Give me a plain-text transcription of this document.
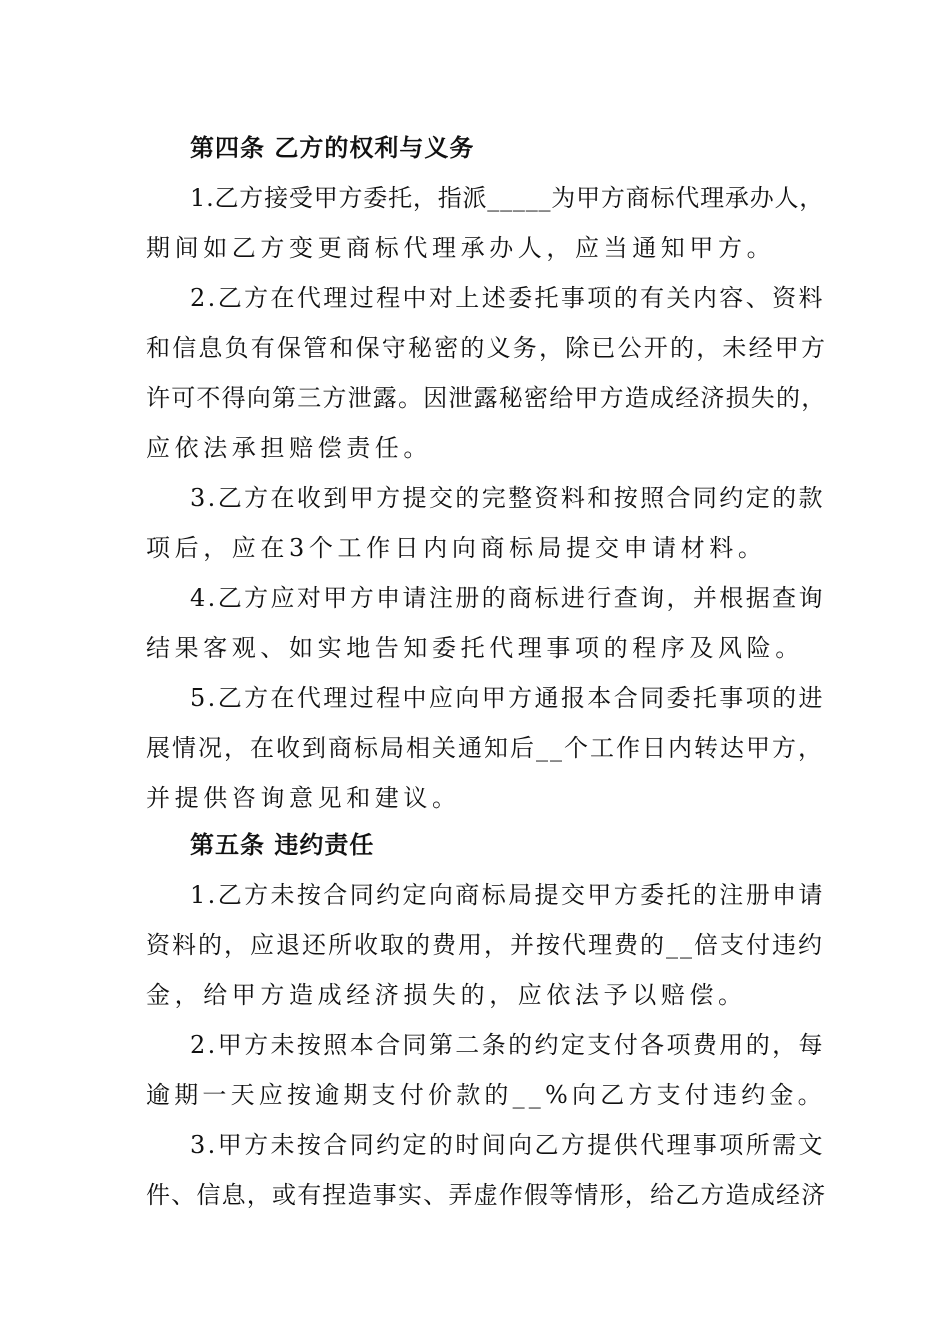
第四条 乙方的权利与义务
1.乙方接受甲方委托，指派_____为甲方商标代理承办人，
期间如乙方变更商标代理承办人，应当通知甲方。
2.乙方在代理过程中对上述委托事项的有关内容、资料
和信息负有保管和保守秘密的义务，除已公开的，未经甲方
许可不得向第三方泄露。因泄露秘密给甲方造成经济损失的，
应依法承担赔偿责任。
3.乙方在收到甲方提交的完整资料和按照合同约定的款
项后，应在3个工作日内向商标局提交申请材料。
4.乙方应对甲方申请注册的商标进行查询，并根据查询
结果客观、如实地告知委托代理事项的程序及风险。
5.乙方在代理过程中应向甲方通报本合同委托事项的进
展情况，在收到商标局相关通知后__个工作日内转达甲方，
并提供咨询意见和建议。
第五条 违约责任
1.乙方未按合同约定向商标局提交甲方委托的注册申请
资料的，应退还所收取的费用，并按代理费的__倍支付违约
金，给甲方造成经济损失的，应依法予以赔偿。
2.甲方未按照本合同第二条的约定支付各项费用的，每
逾期一天应按逾期支付价款的__%向乙方支付违约金。
3.甲方未按合同约定的时间向乙方提供代理事项所需文
件、信息，或有捏造事实、弄虚作假等情形，给乙方造成经济
